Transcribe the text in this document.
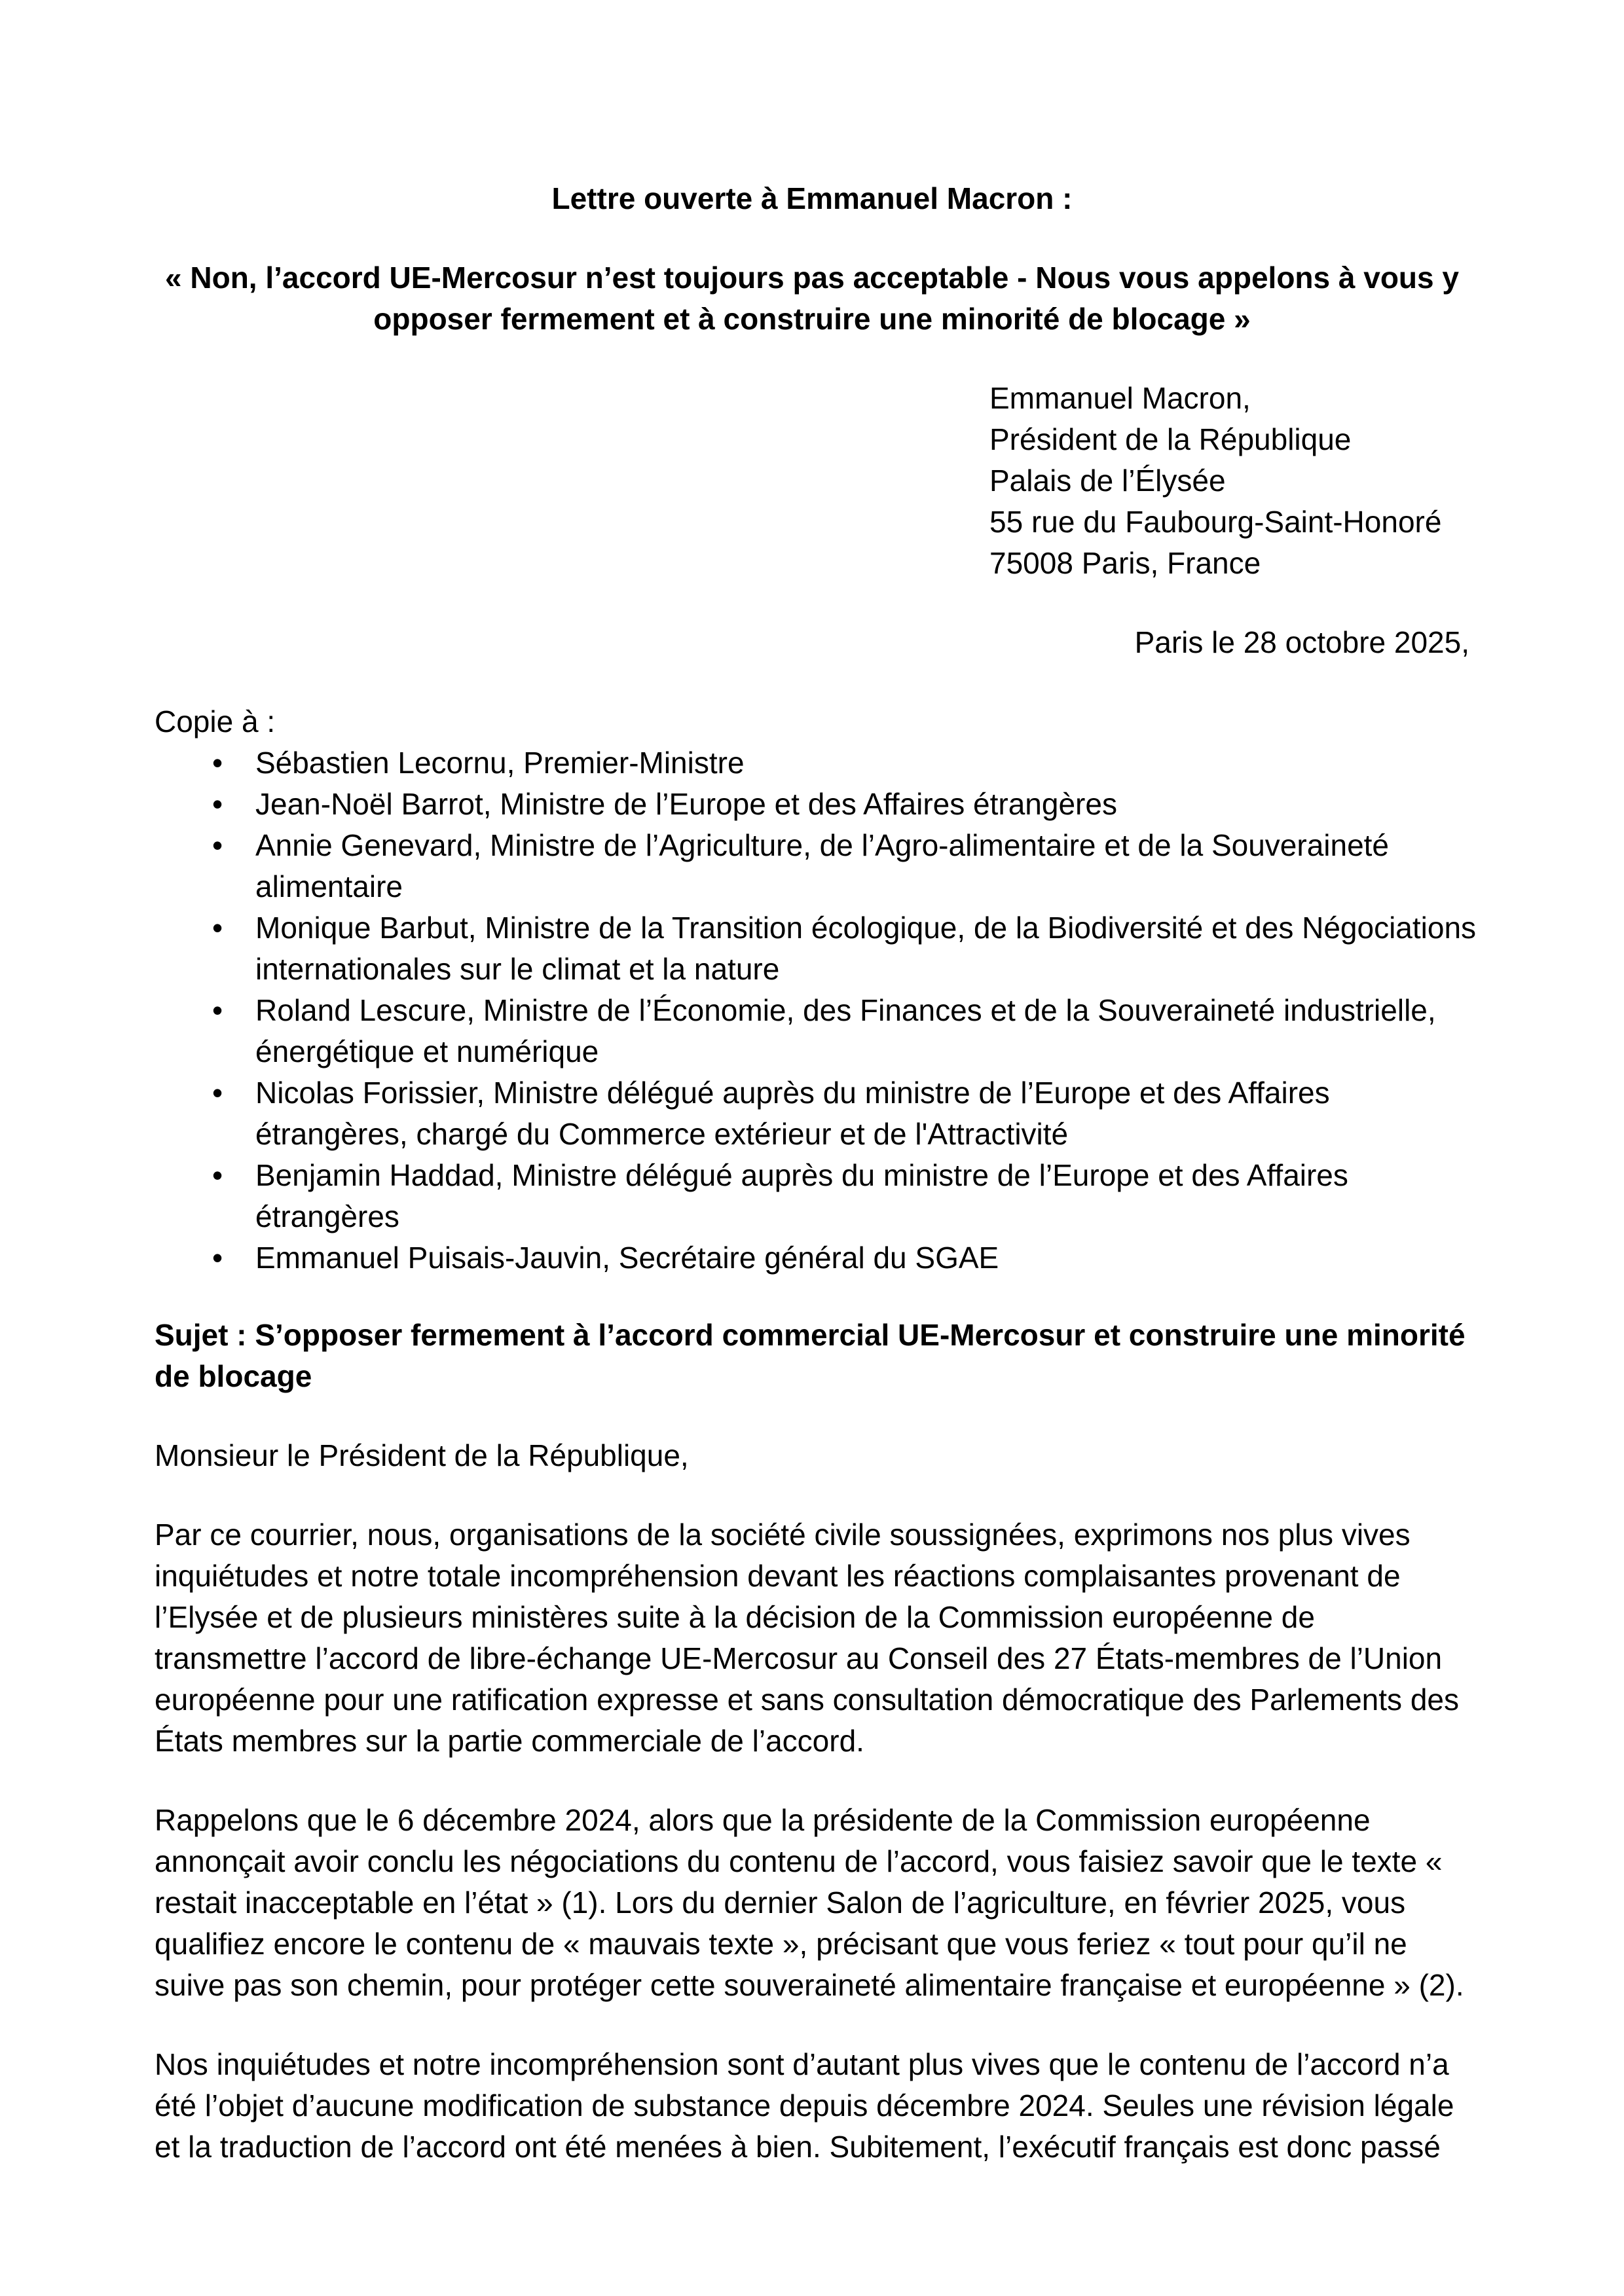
Lettre ouverte à Emmanuel Macron :
« Non, l’accord UE-Mercosur n’est toujours pas acceptable - Nous vous appelons à vous y
opposer fermement et à construire une minorité de blocage »
Emmanuel Macron,
Président de la République
Palais de l’Élysée
55 rue du Faubourg-Saint-Honoré
75008 Paris, France
Paris le 28 octobre 2025,
Copie à :
• Sébastien Lecornu, Premier-Ministre
• Jean-Noël Barrot, Ministre de l’Europe et des Affaires étrangères
• Annie Genevard, Ministre de l’Agriculture, de l’Agro-alimentaire et de la Souveraineté
alimentaire
• Monique Barbut, Ministre de la Transition écologique, de la Biodiversité et des Négociations
internationales sur le climat et la nature
• Roland Lescure, Ministre de l’Économie, des Finances et de la Souveraineté industrielle,
énergétique et numérique
• Nicolas Forissier, Ministre délégué auprès du ministre de l’Europe et des Affaires
étrangères, chargé du Commerce extérieur et de l'Attractivité
• Benjamin Haddad, Ministre délégué auprès du ministre de l’Europe et des Affaires
étrangères
• Emmanuel Puisais-Jauvin, Secrétaire général du SGAE
Sujet : S’opposer fermement à l’accord commercial UE-Mercosur et construire une minorité
de blocage
Monsieur le Président de la République,
Par ce courrier, nous, organisations de la société civile soussignées, exprimons nos plus vives
inquiétudes et notre totale incompréhension devant les réactions complaisantes provenant de
l’Elysée et de plusieurs ministères suite à la décision de la Commission européenne de
transmettre l’accord de libre-échange UE-Mercosur au Conseil des 27 États-membres de l’Union
européenne pour une ratification expresse et sans consultation démocratique des Parlements des
États membres sur la partie commerciale de l’accord.
Rappelons que le 6 décembre 2024, alors que la présidente de la Commission européenne
annonçait avoir conclu les négociations du contenu de l’accord, vous faisiez savoir que le texte «
restait inacceptable en l’état » (1). Lors du dernier Salon de l’agriculture, en février 2025, vous
qualifiez encore le contenu de « mauvais texte », précisant que vous feriez « tout pour qu’il ne
suive pas son chemin, pour protéger cette souveraineté alimentaire française et européenne » (2).
Nos inquiétudes et notre incompréhension sont d’autant plus vives que le contenu de l’accord n’a
été l’objet d’aucune modification de substance depuis décembre 2024. Seules une révision légale
et la traduction de l’accord ont été menées à bien. Subitement, l’exécutif français est donc passé
